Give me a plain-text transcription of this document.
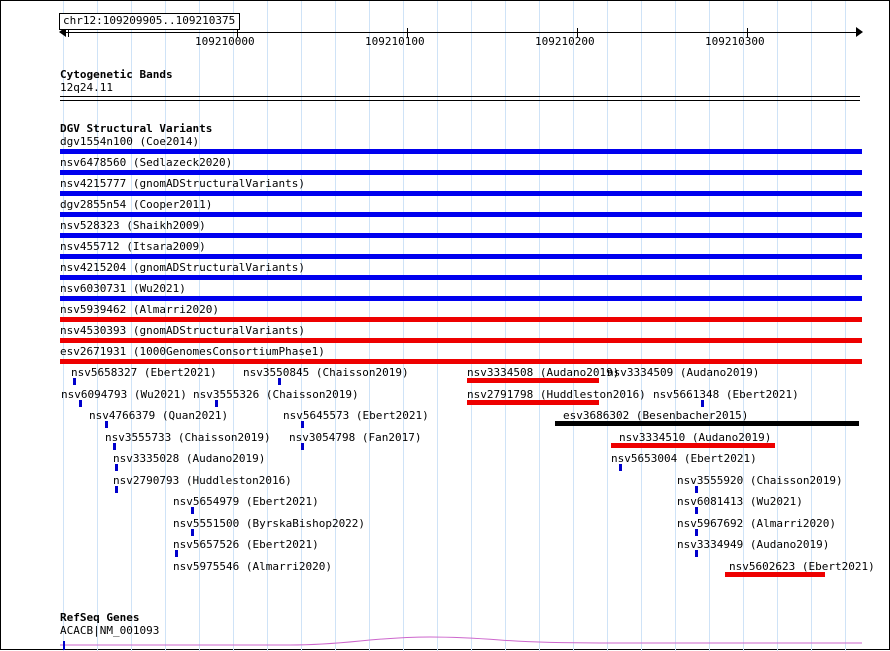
chr12:109209905..109210375
109210000	109210100	109210200	109210300
Cytogenetic Bands
12q24.11
DGV Structural Variants
dgv1554n100 (Coe2014)
nsv6478560 (Sedlazeck2020)
nsv4215777 (gnomADStructuralVariants)
dgv2855n54 (Cooper2011)
nsv528323 (Shaikh2009)
nsv455712 (Itsara2009)
nsv4215204 (gnomADStructuralVariants)
nsv6030731 (Wu2021)
nsv5939462 (Almarri2020)
nsv4530393 (gnomADStructuralVariants)
esv2671931 (1000GenomesConsortiumPhase1)
nsv5658327 (Ebert2021) nsv3550845 (Chaisson2019)	nsv3334508 (Audano2019)
nsv3334509 (Audano2019)
nsv6094793 (Wu2021) nsv3555326 (Chaisson2019)	nsv2791798 (Huddleston2016) nsv5661348 (Ebert2021)
nsv4766379 (Quan2021)	nsv5645573 (Ebert2021)	esv3686302 (Besenbacher2015)
nsv3555733 (Chaisson2019) nsv3054798 (Fan2017)	nsv3334510 (Audano2019)
nsv3335028 (Audano2019)	nsv5653004 (Ebert2021)
nsv2790793 (Huddleston2016)	nsv3555920 (Chaisson2019)
nsv5654979 (Ebert2021)	nsv6081413 (Wu2021)
nsv5551500 (ByrskaBishop2022)	nsv5967692 (Almarri2020)
nsv5657526 (Ebert2021)	nsv3334949 (Audano2019)
nsv5975546 (Almarri2020)	nsv5602623 (Ebert2021)
RefSeq Genes
ACACB|NM_001093
